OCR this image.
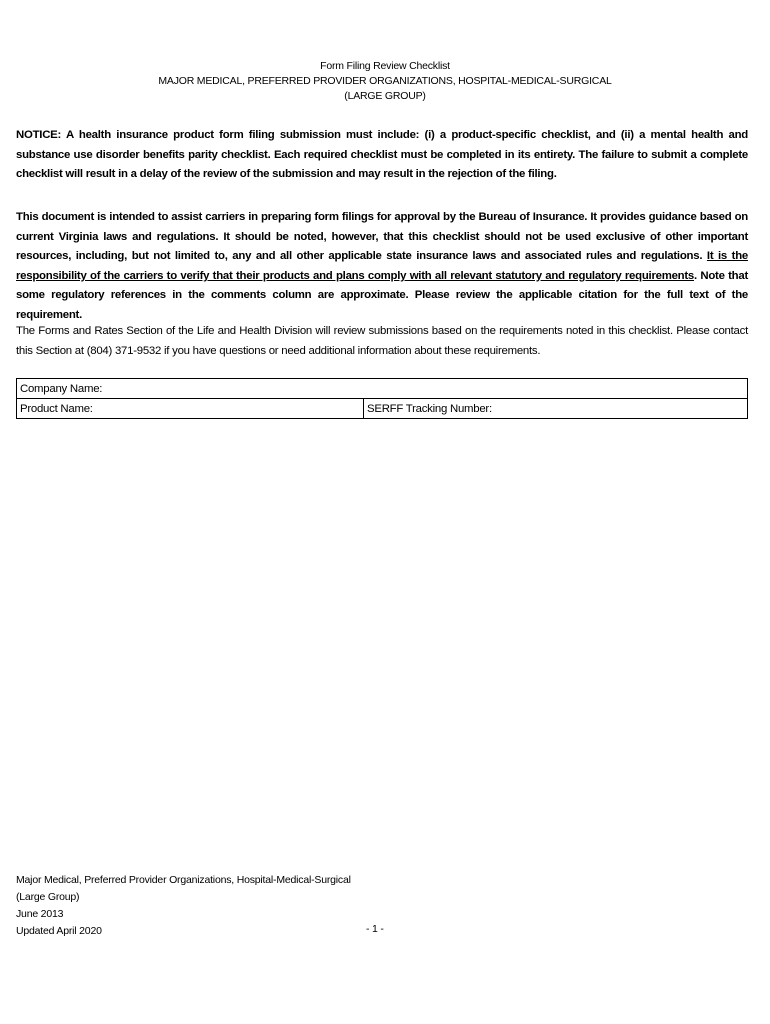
Form Filing Review Checklist
MAJOR MEDICAL, PREFERRED PROVIDER ORGANIZATIONS, HOSPITAL-MEDICAL-SURGICAL
(LARGE GROUP)

NOTICE: A health insurance product form filing submission must include: (i) a product-specific checklist, and (ii) a mental health and substance use disorder benefits parity checklist. Each required checklist must be completed in its entirety. The failure to submit a complete checklist will result in a delay of the review of the submission and may result in the rejection of the filing.

This document is intended to assist carriers in preparing form filings for approval by the Bureau of Insurance. It provides guidance based on current Virginia laws and regulations. It should be noted, however, that this checklist should not be used exclusive of other important resources, including, but not limited to, any and all other applicable state insurance laws and associated rules and regulations. It is the responsibility of the carriers to verify that their products and plans comply with all relevant statutory and regulatory requirements. Note that some regulatory references in the comments column are approximate. Please review the applicable citation for the full text of the requirement.

The Forms and Rates Section of the Life and Health Division will review submissions based on the requirements noted in this checklist. Please contact this Section at (804) 371-9532 if you have questions or need additional information about these requirements.

Company Name:
Product Name:	SERFF Tracking Number:
Major Medical, Preferred Provider Organizations, Hospital-Medical-Surgical
(Large Group)
June 2013
Updated April 2020	- 1 -
